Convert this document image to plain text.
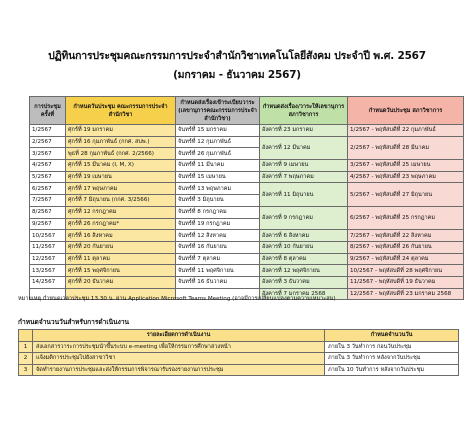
ปฏิทินการประชุมคณะกรรมการประจำสำนักวิชาเทคโนโลยีสังคม ประจำปี พ.ศ. 2567
(มกราคม - ธันวาคม 2567)
การประชุม ครั้งที่	กำหนดวันประชุม คณะกรรมการประจำสำนักวิชา	กำหนดส่งเรื่องเข้าระเบียบวาระ (เลขานุการคณะกรรมการประจำสำนักวิชา)	กำหนดส่งเรื่อง/วาระให้เลขานุการสภาวิชาการ	กำหนดวันประชุม สภาวิชาการ
1/2567	ศุกร์ที่ 19 มกราคม	จันทร์ที่ 15 มกราคม	อังคารที่ 23 มกราคม	1/2567 - พฤหัสบดีที่ 22 กุมภาพันธ์
2/2567	ศุกร์ที่ 16 กุมภาพันธ์ (กกศ. สบพ.)	จันทร์ที่ 12 กุมภาพันธ์	อังคารที่ 12 มีนาคม	2/2567 - พฤหัสบดีที่ 28 มีนาคม
3/2567	พุธที่ 28 กุมภาพันธ์ (กกศ. 2/2566)	จันทร์ที่ 26 กุมภาพันธ์		
4/2567	ศุกร์ที่ 15 มีนาคม (I, M, X)	จันทร์ที่ 11 มีนาคม	อังคารที่ 9 เมษายน	3/2567 - พฤหัสบดีที่ 25 เมษายน
5/2567	ศุกร์ที่ 19 เมษายน	จันทร์ที่ 15 เมษายน	อังคารที่ 7 พฤษภาคม	4/2567 - พฤหัสบดีที่ 23 พฤษภาคม
6/2567	ศุกร์ที่ 17 พฤษภาคม	จันทร์ที่ 13 พฤษภาคม	อังคารที่ 11 มิถุนายน	5/2567 - พฤหัสบดีที่ 27 มิถุนายน
7/2567	ศุกร์ที่ 7 มิถุนายน (กกศ. 3/2566)	จันทร์ที่ 3 มิถุนายน		
8/2567	ศุกร์ที่ 12 กรกฎาคม	จันทร์ที่ 8 กรกฎาคม	อังคารที่ 9 กรกฎาคม	6/2567 - พฤหัสบดีที่ 25 กรกฎาคม
9/2567	ศุกร์ที่ 26 กรกฎาคม*	จันทร์ที่ 19 กรกฎาคม		
10/2567	ศุกร์ที่ 16 สิงหาคม	จันทร์ที่ 12 สิงหาคม	อังคารที่ 6 สิงหาคม	7/2567 - พฤหัสบดีที่ 22 สิงหาคม
11/2567	ศุกร์ที่ 20 กันยายน	จันทร์ที่ 16 กันยายน	อังคารที่ 10 กันยายน	8/2567 - พฤหัสบดีที่ 26 กันยายน
12/2567	ศุกร์ที่ 11 ตุลาคม	จันทร์ที่ 7 ตุลาคม	อังคารที่ 8 ตุลาคม	9/2567 - พฤหัสบดีที่ 24 ตุลาคม
13/2567	ศุกร์ที่ 15 พฤศจิกายน	จันทร์ที่ 11 พฤศจิกายน	อังคารที่ 12 พฤศจิกายน	10/2567 - พฤหัสบดีที่ 28 พฤศจิกายน
14/2567	ศุกร์ที่ 20 ธันวาคม	จันทร์ที่ 16 ธันวาคม	อังคารที่ 3 ธันวาคม	11/2567 - พฤหัสบดีที่ 19 ธันวาคม
			อังคารที่ 7 มกราคม 2568	12/2567 - พฤหัสบดีที่ 23 มกราคม 2568
หมายเหตุ กำหนดเวลาประชุม 13.30 น. ผ่าน Application Microsoft Teams Meeting (อาจมีการเปลี่ยนแปลงตามความเหมาะสม)
กำหนดจำนวนวันสำหรับการดำเนินงาน
	รายละเอียดการดำเนินงาน	กำหนดจำนวนวัน
1	ส่งเอกสารวาระการประชุมนำขึ้นระบบ e-meeting เพื่อให้กรรมการศึกษาล่วงหน้า	ภายใน 3 วันทำการ ก่อนวันประชุม
2	แจ้งมติการประชุมไปยังสาขาวิชา	ภายใน 3 วันทำการ หลังจากวันประชุม
3	จัดทำรายงานการประชุมและส่งให้กรรมการพิจารณารับรองรายงานการประชุม	ภายใน 10 วันทำการ หลังจากวันประชุม
